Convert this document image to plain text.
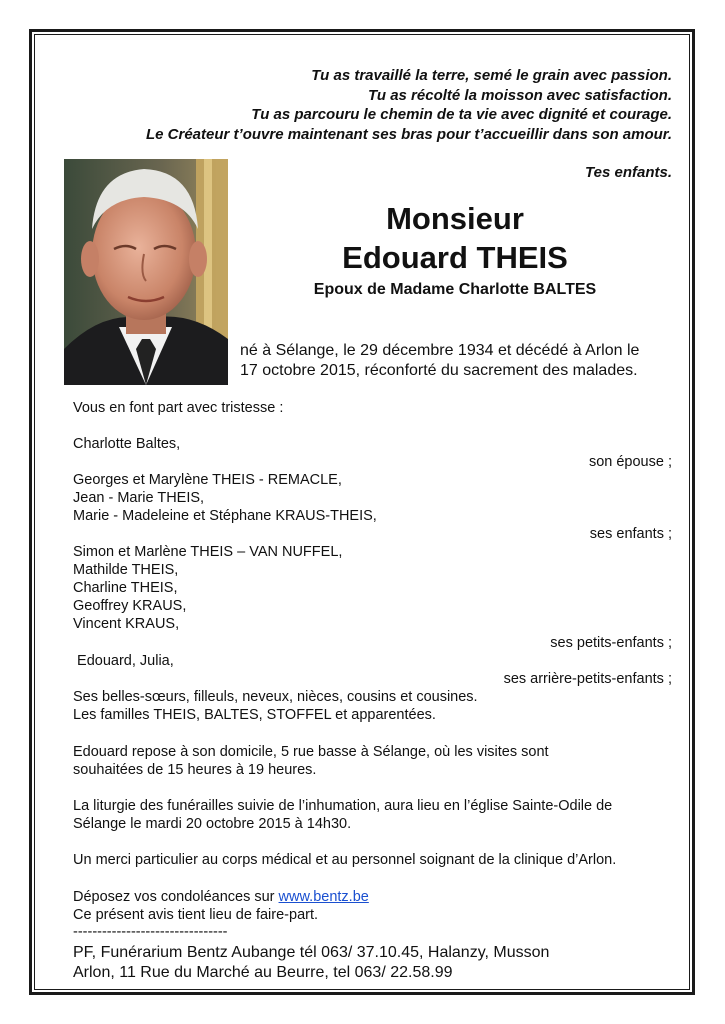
Tu as travaillé la terre, semé le grain avec passion.
Tu as récolté la moisson avec satisfaction.
Tu as parcouru le chemin de ta vie avec dignité et courage.
Le Créateur t’ouvre maintenant ses bras pour t’accueillir dans son amour.
Tes enfants.
Monsieur
Edouard THEIS
Epoux de Madame Charlotte BALTES
né à Sélange, le 29 décembre 1934 et décédé à Arlon le
17 octobre 2015, réconforté du sacrement des malades.
Vous en font part avec tristesse :
Charlotte Baltes,
son épouse ;
Georges et Marylène THEIS - REMACLE,
Jean - Marie THEIS,
Marie - Madeleine et Stéphane KRAUS-THEIS,
ses enfants ;
Simon et Marlène THEIS – VAN NUFFEL,
Mathilde THEIS,
Charline THEIS,
Geoffrey KRAUS,
Vincent KRAUS,
ses petits-enfants ;
Edouard, Julia,
ses arrière-petits-enfants ;
Ses belles-sœurs, filleuls, neveux, nièces, cousins et cousines.
Les familles THEIS, BALTES, STOFFEL et apparentées.
Edouard repose à son domicile, 5 rue basse à Sélange, où les visites sont
souhaitées de 15 heures à 19 heures.
La liturgie des funérailles suivie de l’inhumation, aura lieu en l’église Sainte-Odile de
Sélange le mardi 20 octobre 2015 à 14h30.
Un merci particulier au corps médical et au personnel soignant de la clinique d’Arlon.
Déposez vos condoléances sur www.bentz.be
Ce présent avis tient lieu de faire-part.
--------------------------------
PF, Funérarium Bentz Aubange tél 063/ 37.10.45, Halanzy, Musson
Arlon, 11 Rue du Marché au Beurre, tel 063/ 22.58.99
